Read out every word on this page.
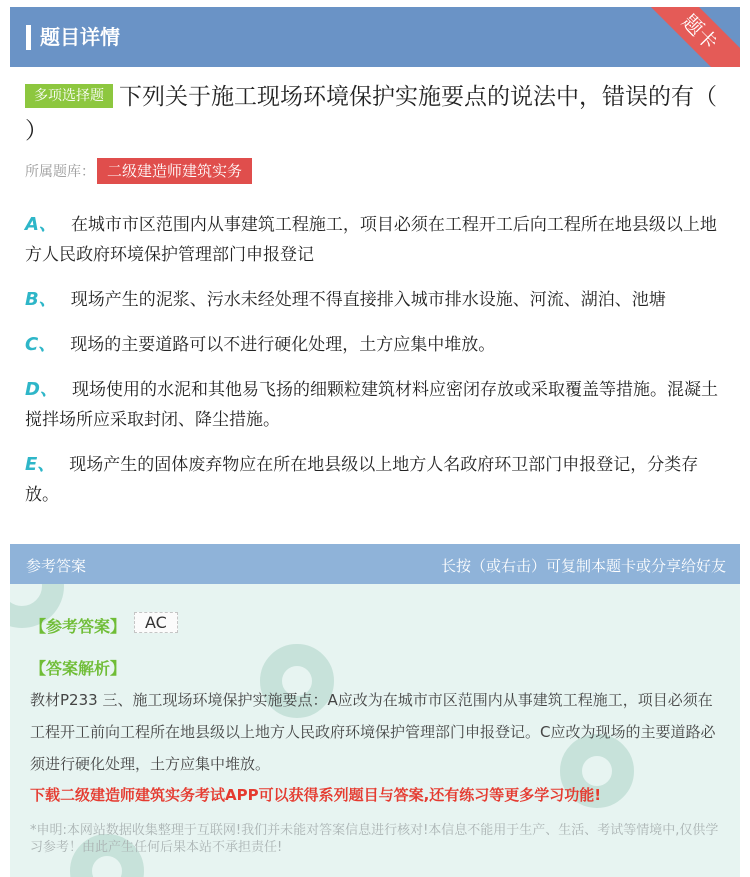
题目详情	题卡
多项选择题 下列关于施工现场环境保护实施要点的说法中，错误的有（ ）
所属题库： 二级建造师建筑实务
A、 在城市市区范围内从事建筑工程施工，项目必须在工程开工后向工程所在地县级以上地方人民政府环境保护管理部门申报登记
B、 现场产生的泥浆、污水未经处理不得直接排入城市排水设施、河流、湖泊、池塘
C、 现场的主要道路可以不进行硬化处理，土方应集中堆放。
D、 现场使用的水泥和其他易飞扬的细颗粒建筑材料应密闭存放或采取覆盖等措施。混凝土搅拌场所应采取封闭、降尘措施。
E、 现场产生的固体废弃物应在所在地县级以上地方人名政府环卫部门申报登记，分类存放。
参考答案	长按（或右击）可复制本题卡或分享给好友
【参考答案】	AC
【答案解析】
教材P233 三、施工现场环境保护实施要点：A应改为在城市市区范围内从事建筑工程施工，项目必须在工程开工前向工程所在地县级以上地方人民政府环境保护管理部门申报登记。C应改为现场的主要道路必须进行硬化处理，土方应集中堆放。
下载二级建造师建筑实务考试APP可以获得系列题目与答案,还有练习等更多学习功能!
*申明:本网站数据收集整理于互联网!我们并未能对答案信息进行核对!本信息不能用于生产、生活、考试等情境中,仅供学习参考！由此产生任何后果本站不承担责任!
